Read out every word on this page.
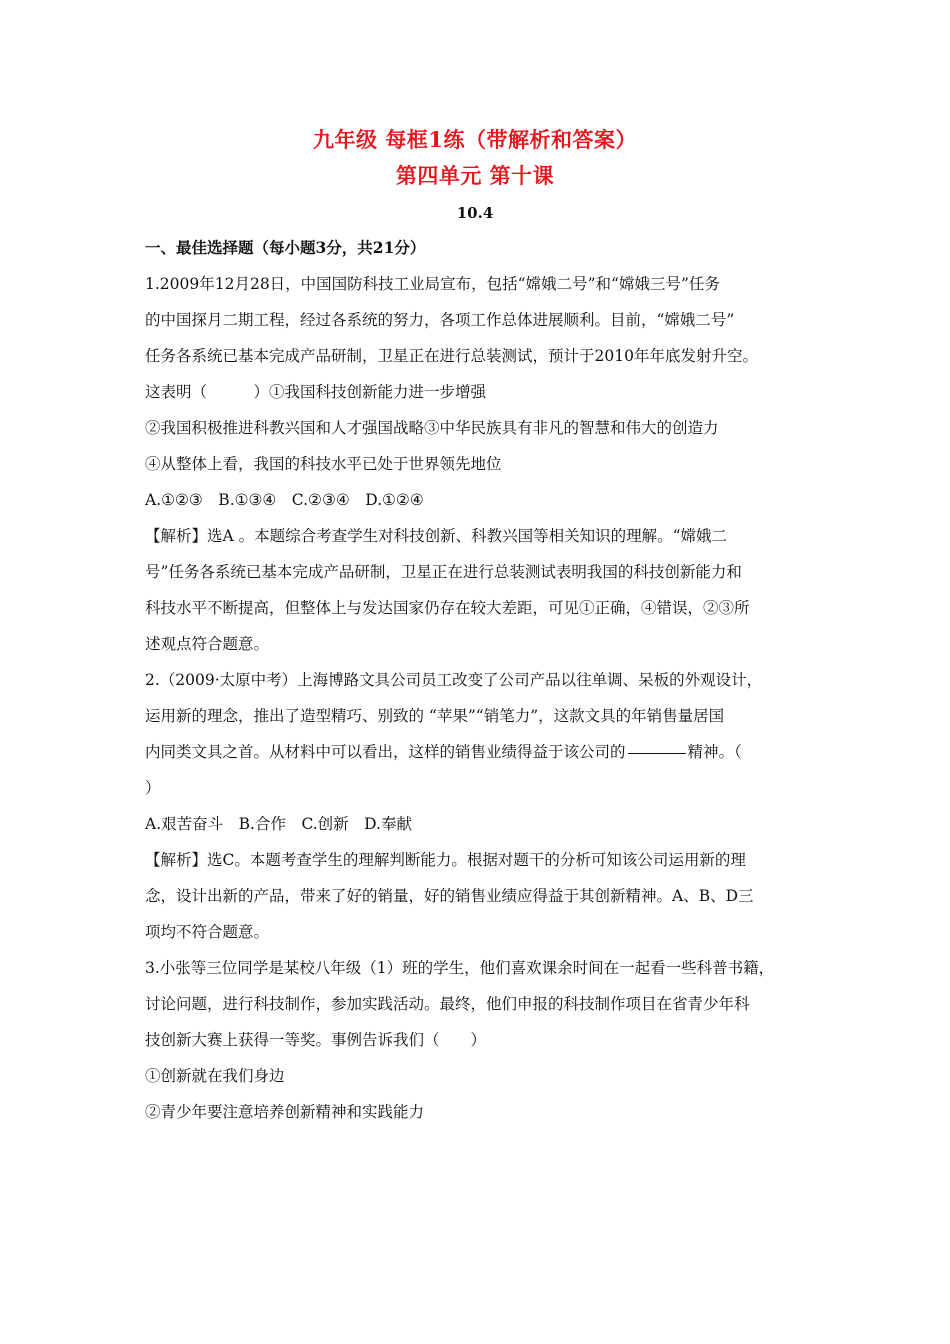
九年级 每框1练（带解析和答案）
第四单元 第十课
10.4
一、最佳选择题（每小题3分，共21分）
1.2009年12月28日，中国国防科技工业局宣布，包括“嫦娥二号”和“嫦娥三号”任务
的中国探月二期工程，经过各系统的努力，各项工作总体进展顺利。目前，“嫦娥二号”
任务各系统已基本完成产品研制，卫星正在进行总装测试，预计于2010年年底发射升空。
这表明（　　　）①我国科技创新能力进一步增强
②我国积极推进科教兴国和人才强国战略③中华民族具有非凡的智慧和伟大的创造力
④从整体上看，我国的科技水平已处于世界领先地位
A.①②③　B.①③④　C.②③④　D.①②④
【解析】选A 。本题综合考查学生对科技创新、科教兴国等相关知识的理解。“嫦娥二
号”任务各系统已基本完成产品研制，卫星正在进行总装测试表明我国的科技创新能力和
科技水平不断提高，但整体上与发达国家仍存在较大差距，可见①正确，④错误，②③所
述观点符合题意。
2.（2009·太原中考）上海博路文具公司员工改变了公司产品以往单调、呆板的外观设计，
运用新的理念，推出了造型精巧、别致的 “苹果”“销笔力”，这款文具的年销售量居国
内同类文具之首。从材料中可以看出，这样的销售业绩得益于该公司的	精神。（
）
A.艰苦奋斗　B.合作　C.创新　D.奉献
【解析】选C。本题考查学生的理解判断能力。根据对题干的分析可知该公司运用新的理
念，设计出新的产品，带来了好的销量，好的销售业绩应得益于其创新精神。A、B、D三
项均不符合题意。
3.小张等三位同学是某校八年级（1）班的学生，他们喜欢课余时间在一起看一些科普书籍，
讨论问题，进行科技制作，参加实践活动。最终，他们申报的科技制作项目在省青少年科
技创新大赛上获得一等奖。事例告诉我们（　　）
①创新就在我们身边
②青少年要注意培养创新精神和实践能力
